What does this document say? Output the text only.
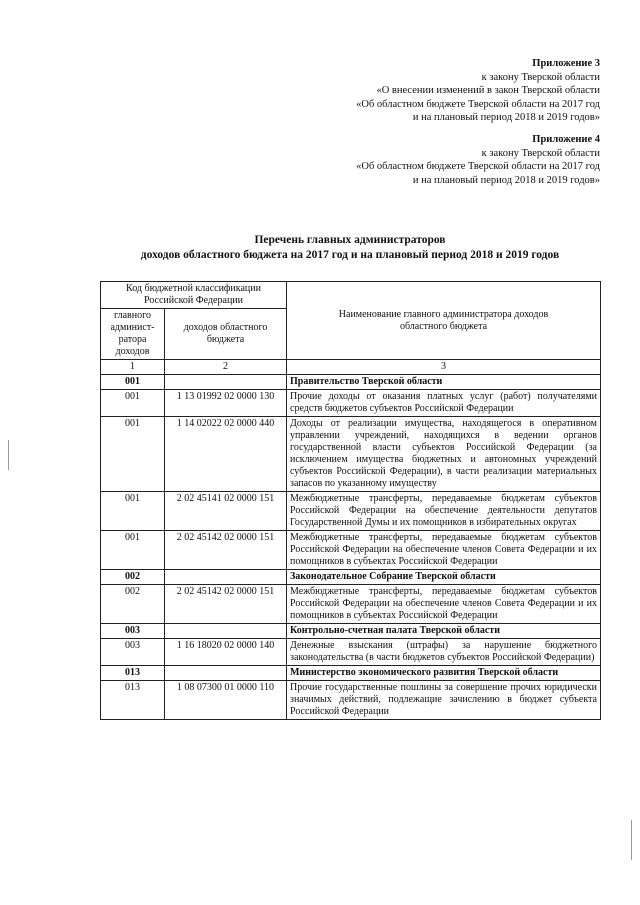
Приложение 3
к закону Тверской области
«О внесении изменений в закон Тверской области
«Об областном бюджете Тверской области на 2017 год
и на плановый период 2018 и 2019 годов»
Приложение 4
к закону Тверской области
«Об областном бюджете Тверской области на 2017 год
и на плановый период 2018 и 2019 годов»
Перечень главных администраторов
доходов областного бюджета на 2017 год и на плановый период 2018 и 2019 годов
Код бюджетной классификации Российской Федерации		Наименование главного администратора доходов областного бюджета
главного админист-ратора доходов	доходов областного бюджета	
1	2	3
001		Правительство Тверской области
001	1 13 01992 02 0000 130	Прочие доходы от оказания платных услуг (работ) получателями средств бюджетов субъектов Российской Федерации
001	1 14 02022 02 0000 440	Доходы от реализации имущества, находящегося в оперативном управлении учреждений, находящихся в ведении органов государственной власти субъектов Российской Федерации (за исключением имущества бюджетных и автономных учреждений субъектов Российской Федерации), в части реализации материальных запасов по указанному имуществу
001	2 02 45141 02 0000 151	Межбюджетные трансферты, передаваемые бюджетам субъектов Российской Федерации на обеспечение деятельности депутатов Государственной Думы и их помощников в избирательных округах
001	2 02 45142 02 0000 151	Межбюджетные трансферты, передаваемые бюджетам субъектов Российской Федерации на обеспечение членов Совета Федерации и их помощников в субъектах Российской Федерации
002		Законодательное Собрание Тверской области
002	2 02 45142 02 0000 151	Межбюджетные трансферты, передаваемые бюджетам субъектов Российской Федерации на обеспечение членов Совета Федерации и их помощников в субъектах Российской Федерации
003		Контрольно-счетная палата Тверской области
003	1 16 18020 02 0000 140	Денежные взыскания (штрафы) за нарушение бюджетного законодательства (в части бюджетов субъектов Российской Федерации)
013		Министерство экономического развития Тверской области
013	1 08 07300 01 0000 110	Прочие государственные пошлины за совершение прочих юридически значимых действий, подлежащие зачислению в бюджет субъекта Российской Федерации
